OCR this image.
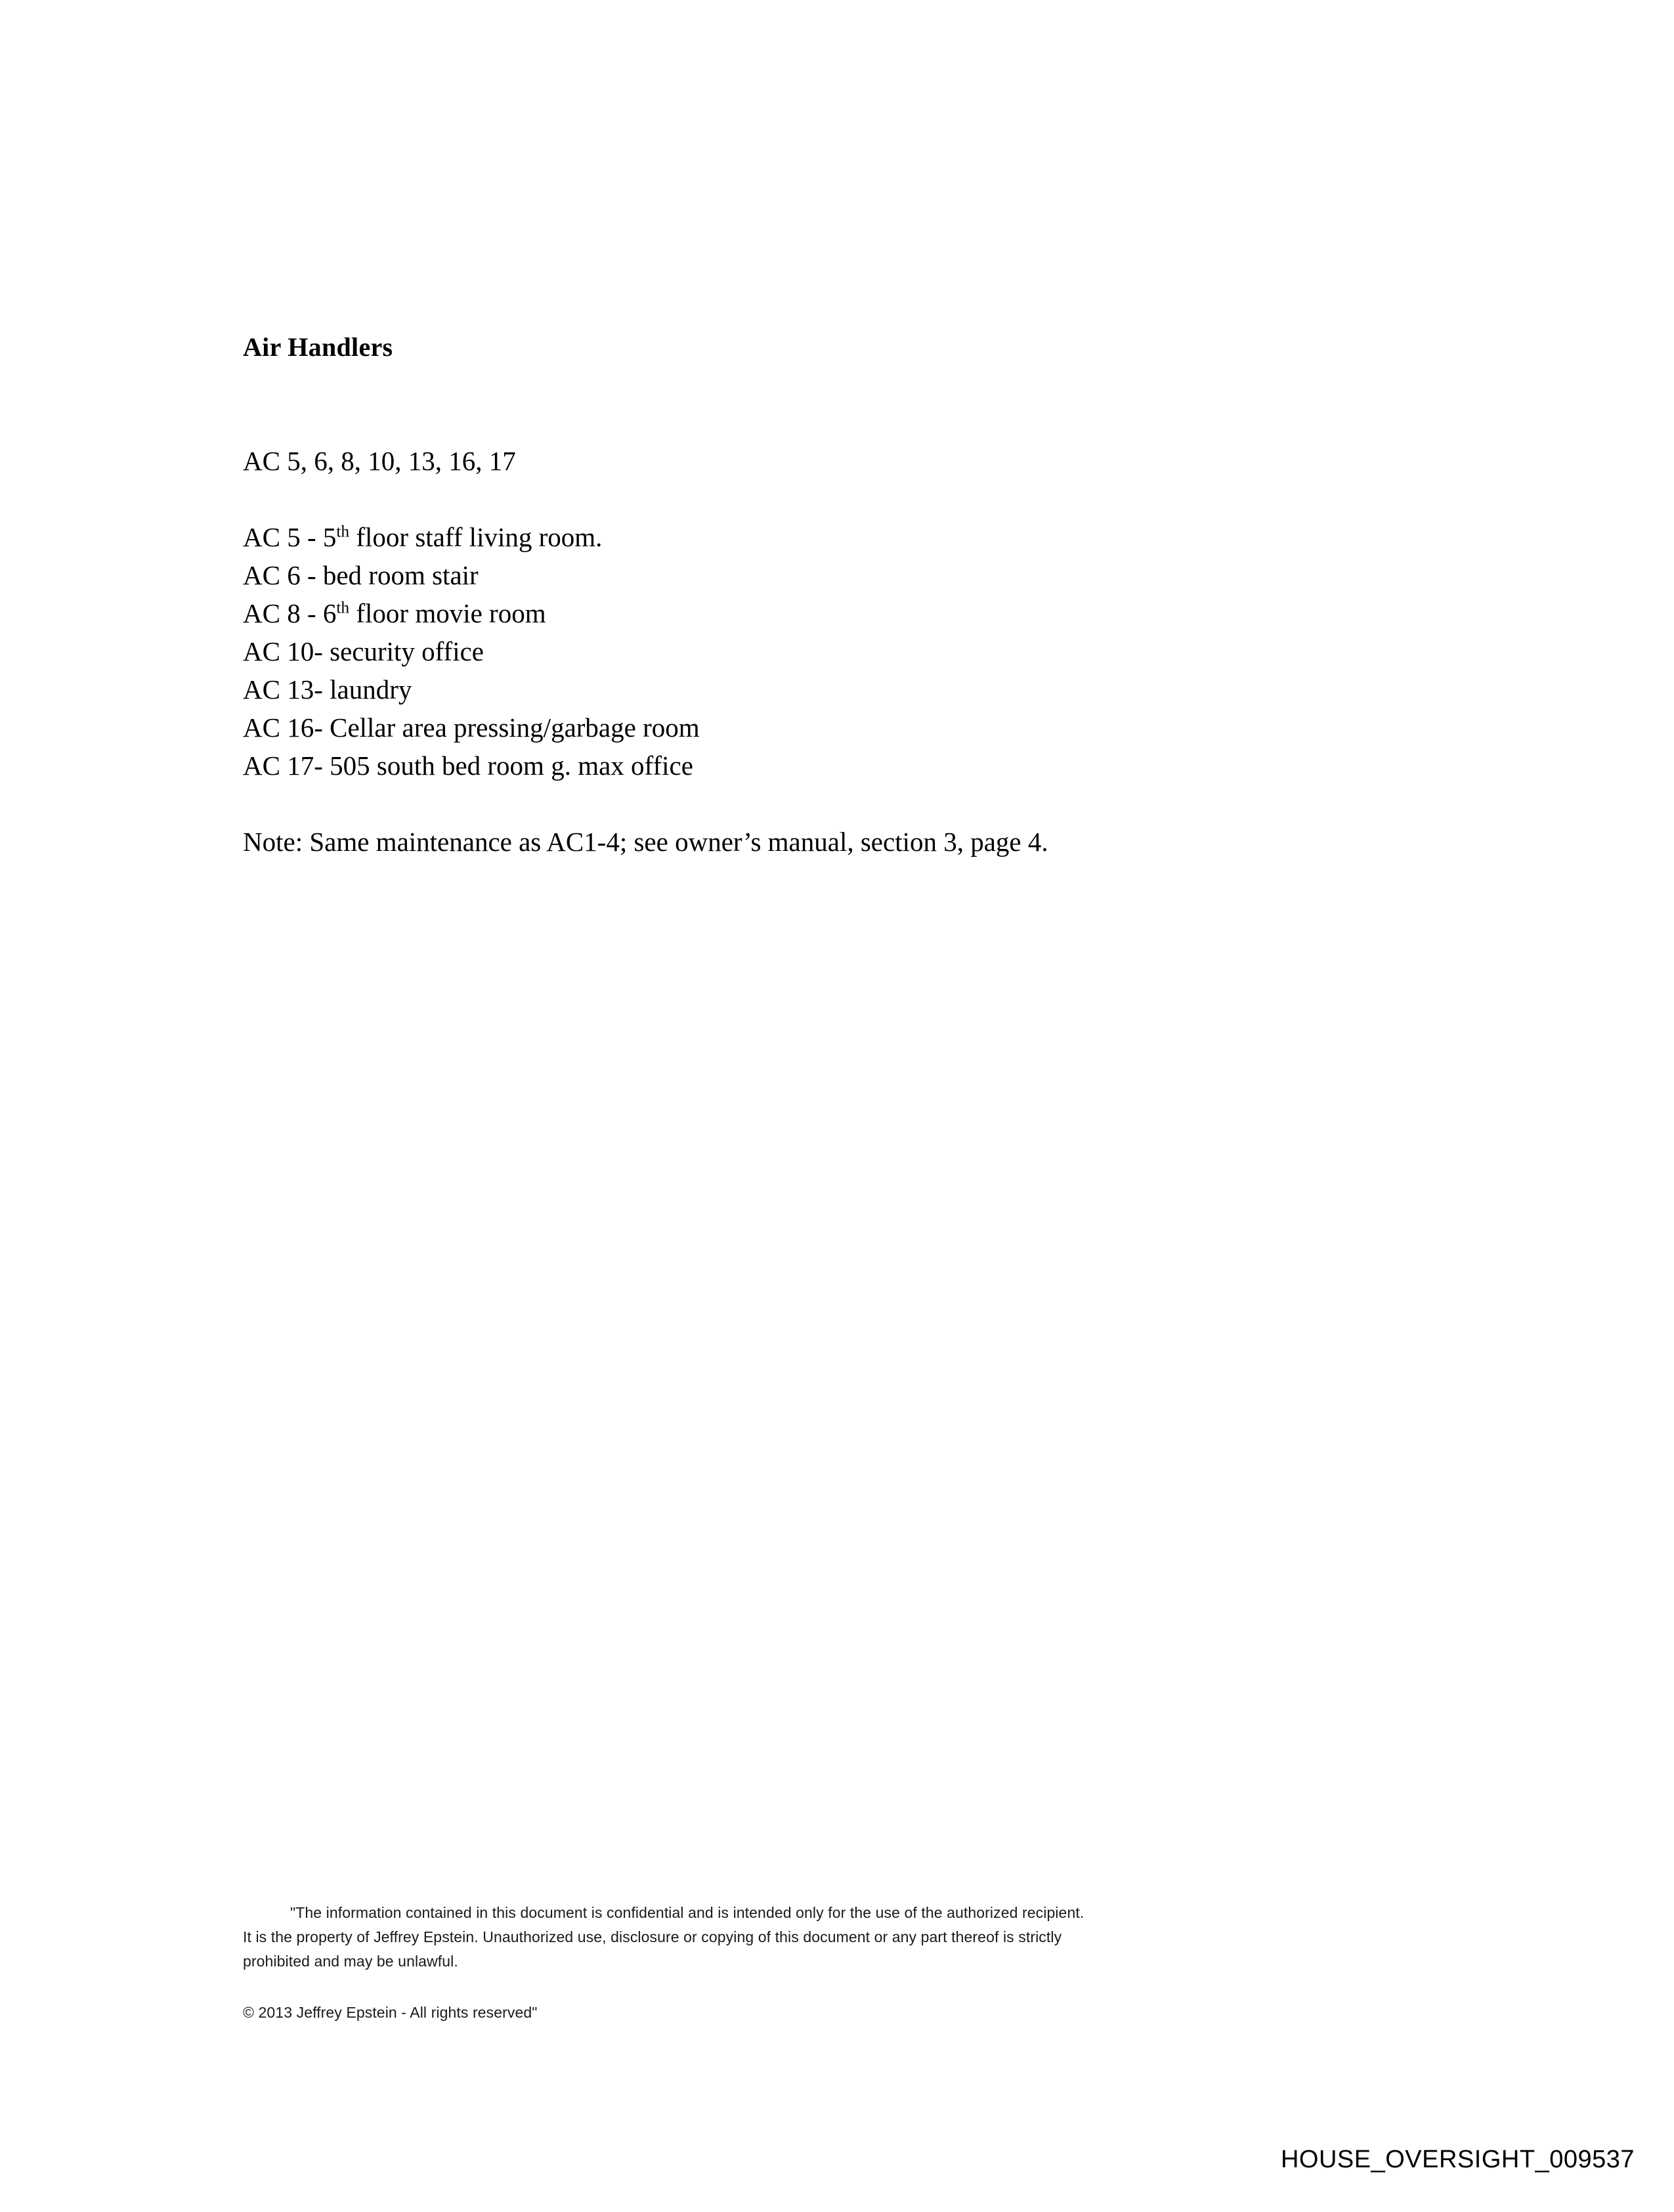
Air Handlers
AC 5, 6, 8, 10, 13, 16, 17
AC 5 - 5th floor staff living room.
AC 6 - bed room stair
AC 8 - 6th floor movie room
AC 10- security office
AC 13- laundry
AC 16- Cellar area pressing/garbage room
AC 17- 505 south bed room g. max office
Note: Same maintenance as AC1-4; see owner’s manual, section 3, page 4.
"The information contained in this document is confidential and is intended only for the use of the authorized recipient.
It is the property of Jeffrey Epstein. Unauthorized use, disclosure or copying of this document or any part thereof is strictly
prohibited and may be unlawful.
© 2013 Jeffrey Epstein - All rights reserved"
HOUSE_OVERSIGHT_009537
